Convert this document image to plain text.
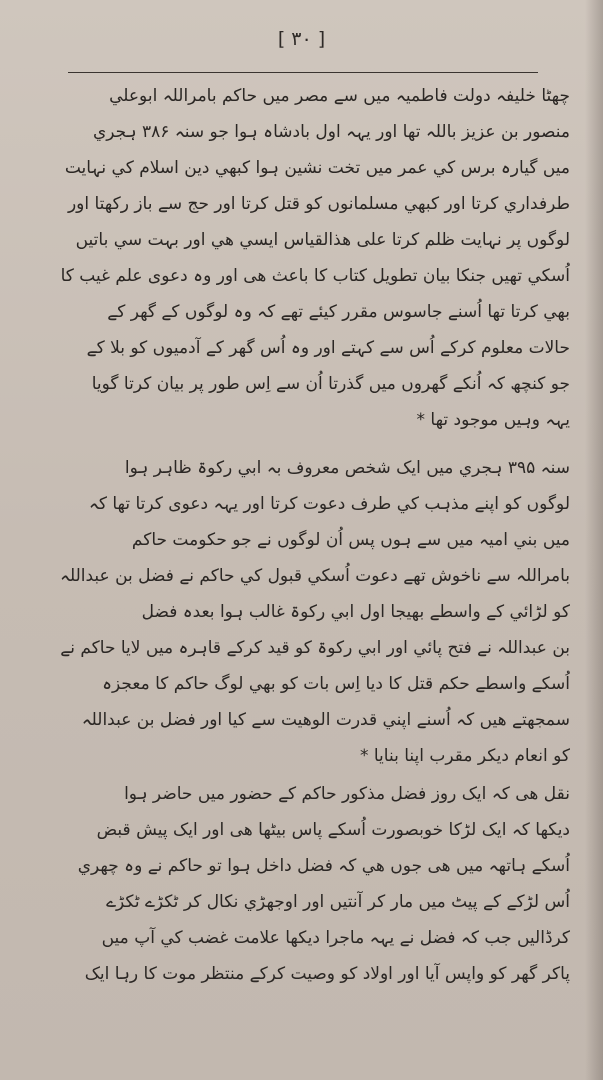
[ ۳۰ ]
چھٹا خلیفہ دولت فاطمیہ میں سے مصر میں حاکم بامراللہ ابوعلي
منصور بن عزیز باللہ تھا اور یہہ اول بادشاہ ہوا جو سنہ ۳۸۶ ہجري
میں گیارہ برس کي عمر میں تخت نشین ہوا کبھي دین اسلام کي نہایت
طرفداري کرتا اور کبھي مسلمانوں کو قتل کرتا اور حج سے باز رکھتا اور
لوگوں پر نہایت ظلم کرتا علی ھذالقیاس ایسي ھي اور بہت سي باتیں
اُسکي تھیں جنکا بیان تطویل کتاب کا باعث ھی اور وہ دعوی علم غیب کا
بھي کرتا تھا اُسنے جاسوس مقرر کیئے تھے کہ وہ لوگوں کے گھر کے
حالات معلوم کرکے اُس سے کہتے اور وہ اُس گھر کے آدمیوں کو بلا کے
جو کنچھ کہ اُنکے گھروں میں گذرتا اُن سے اِس طور پر بیان کرتا گویا
یہہ وہیں موجود تھا *
سنہ ۳۹۵ ہجري میں ایک شخص معروف بہ ابي رکوۃ ظاہر ہوا
لوگوں کو اپنے مذہب کي طرف دعوت کرتا اور یہہ دعوی کرتا تھا کہ
میں بني امیہ میں سے ہوں پس اُن لوگوں نے جو حکومت حاکم
بامراللہ سے ناخوش تھے دعوت اُسکي قبول کي حاکم نے فضل بن عبداللہ
کو لڑائي کے واسطے بھیجا اول ابي رکوۃ غالب ہوا بعدہ فضل
بن عبداللہ نے فتح پائي اور ابي رکوۃ کو قید کرکے قاہرہ میں لایا حاکم نے
اُسکے واسطے حکم قتل کا دیا اِس بات کو بھي لوگ حاکم کا معجزہ
سمجھتے ھیں کہ اُسنے اپني قدرت الوھیت سے کیا اور فضل بن عبداللہ
کو انعام دیکر مقرب اپنا بنایا *
نقل ھی کہ ایک روز فضل مذکور حاکم کے حضور میں حاضر ہوا
دیکھا کہ ایک لڑکا خوبصورت اُسکے پاس بیٹھا ھی اور ایک پیش قبض
اُسکے ہاتھہ میں ھی جوں ھي کہ فضل داخل ہوا تو حاکم نے وہ چھري
اُس لڑکے کے پیٹ میں مار کر آنتیں اور اوجھڑي نکال کر ٹکڑے ٹکڑے
کرڈالیں جب کہ فضل نے یہہ ماجرا دیکھا علامت غضب کي آپ میں
پاکر گھر کو واپس آیا اور اولاد کو وصیت کرکے منتظر موت کا رہا ایک
